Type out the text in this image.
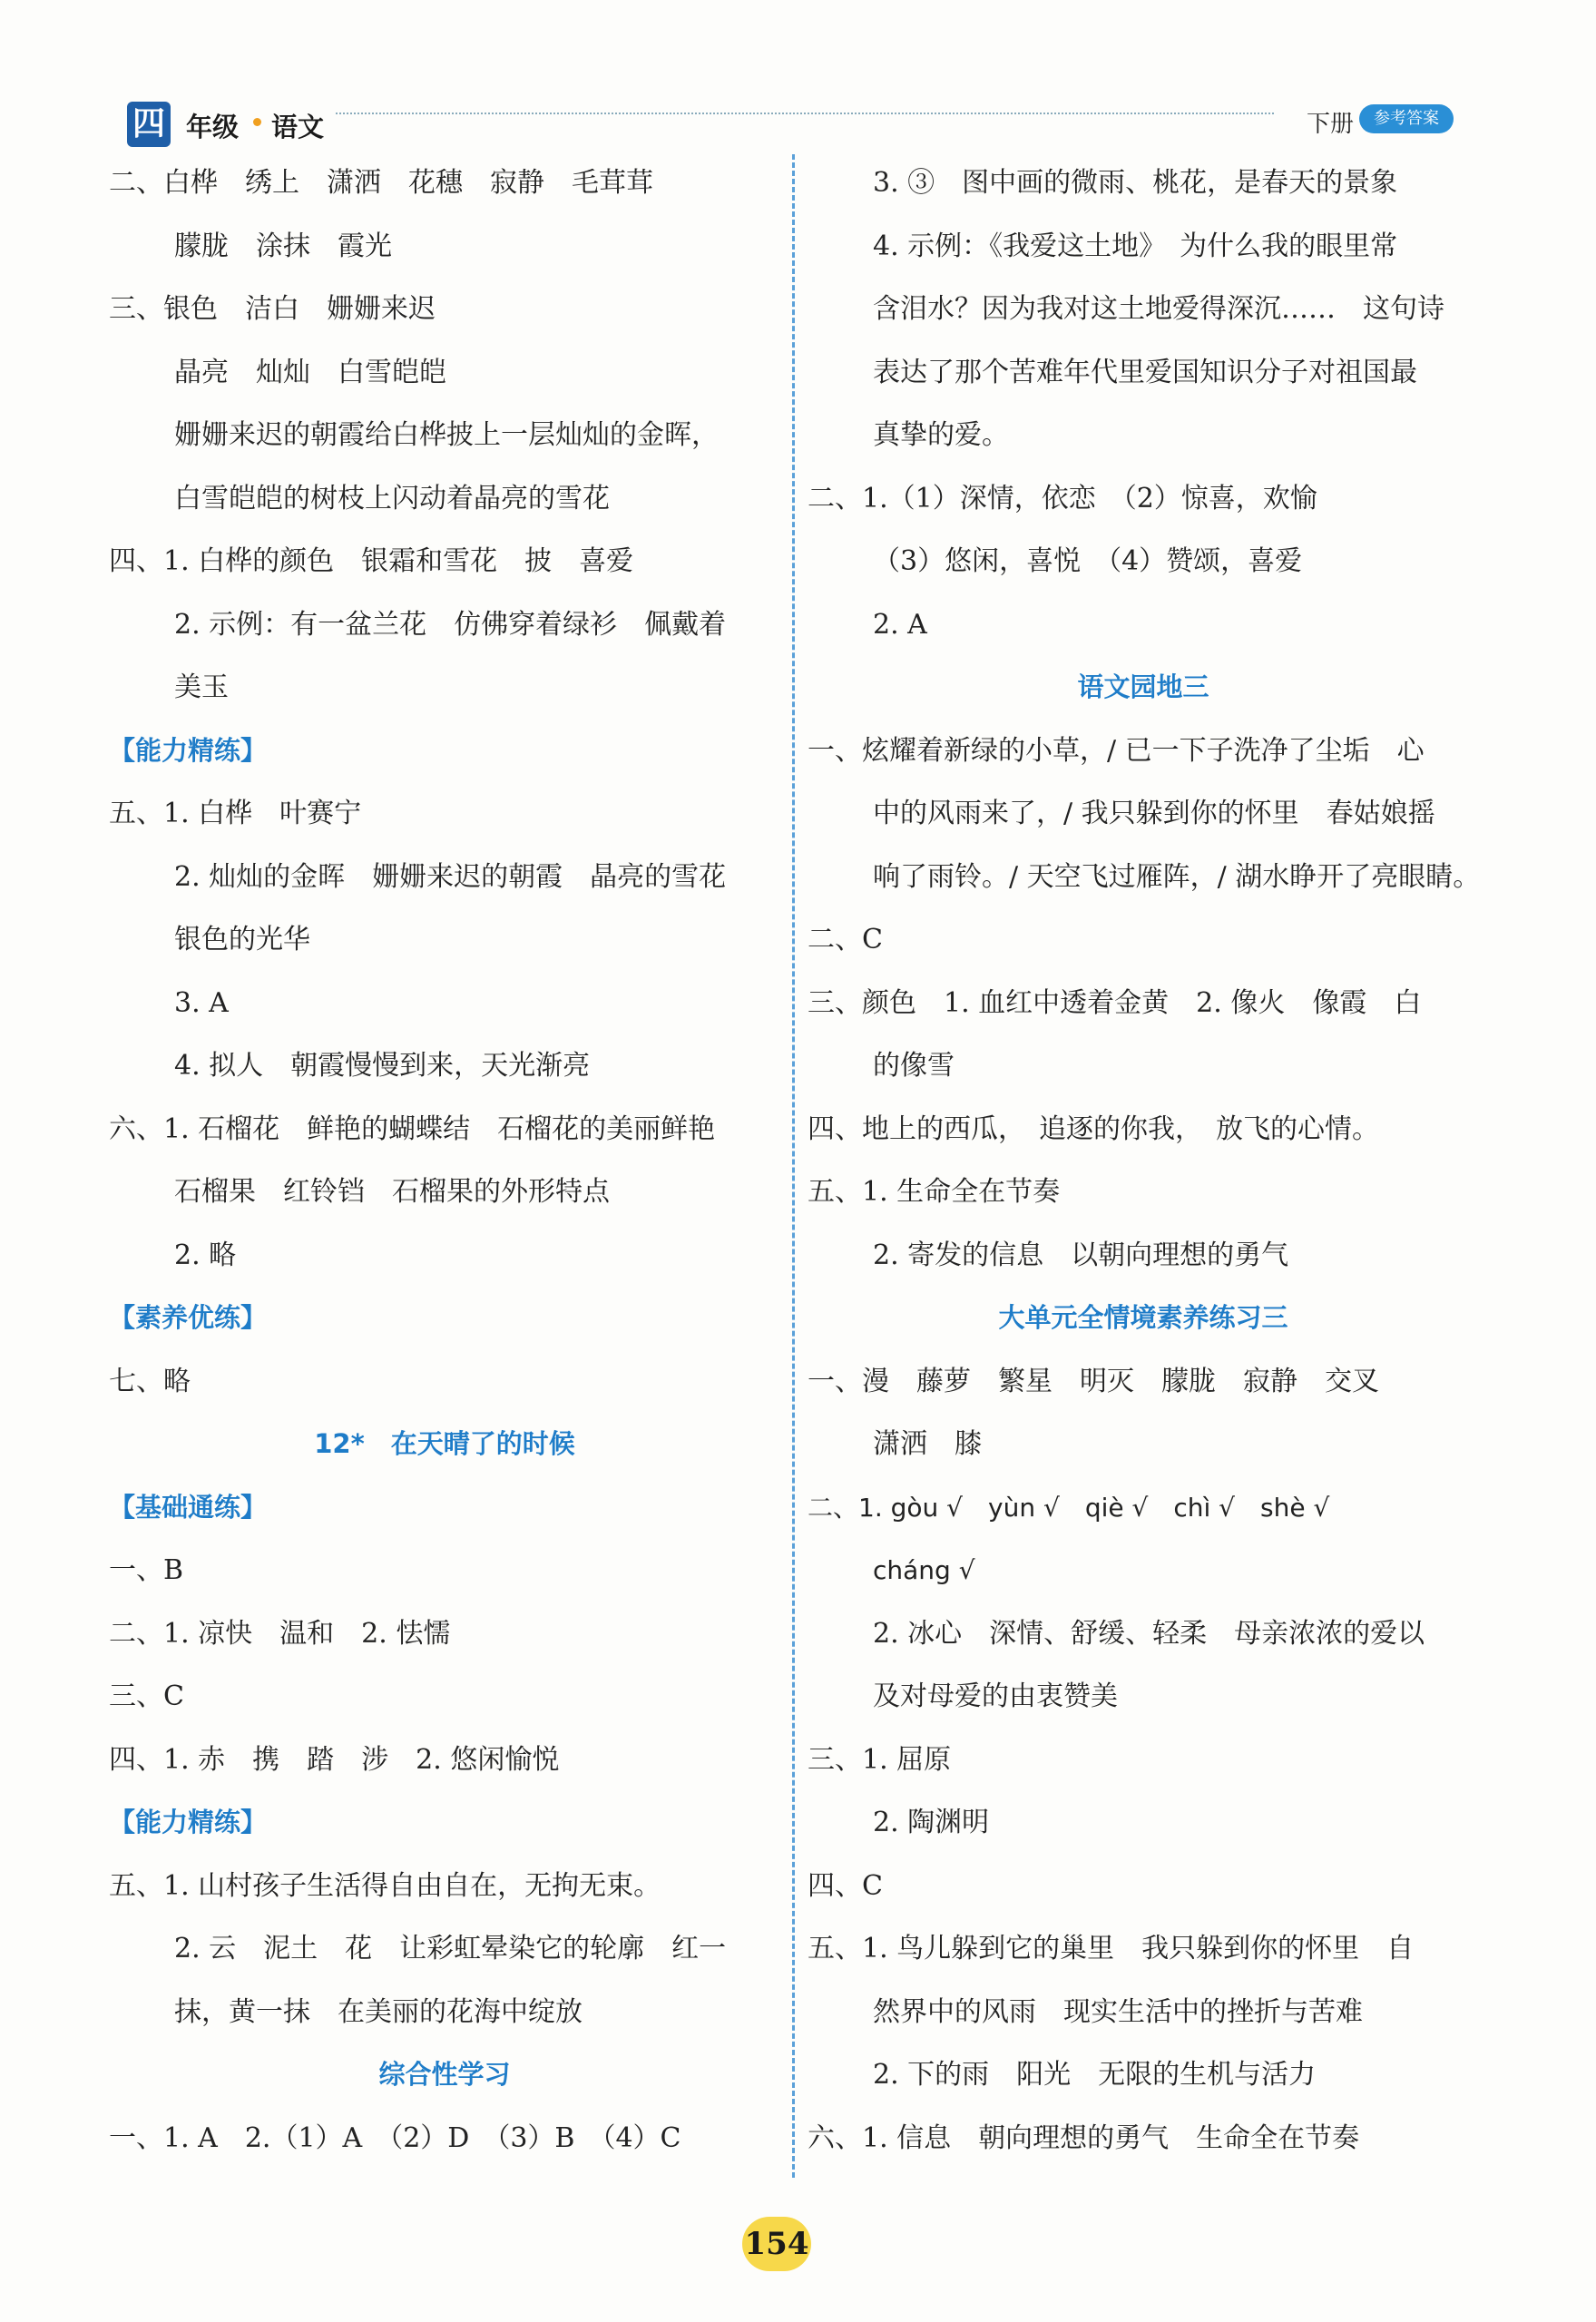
四 年级 语文	下册	参考答案
二、白桦　绣上　潇洒　花穗　寂静　毛茸茸
朦胧　涂抹　霞光
三、银色　洁白　姗姗来迟
晶亮　灿灿　白雪皑皑
姗姗来迟的朝霞给白桦披上一层灿灿的金晖，
白雪皑皑的树枝上闪动着晶亮的雪花
四、1. 白桦的颜色　银霜和雪花　披　喜爱
2. 示例：有一盆兰花　仿佛穿着绿衫　佩戴着
美玉
【能力精练】
五、1. 白桦　叶赛宁
2. 灿灿的金晖　姗姗来迟的朝霞　晶亮的雪花
银色的光华
3. A
4. 拟人　朝霞慢慢到来，天光渐亮
六、1. 石榴花　鲜艳的蝴蝶结　石榴花的美丽鲜艳
石榴果　红铃铛　石榴果的外形特点
2. 略
【素养优练】
七、略
12*　在天晴了的时候
【基础通练】
一、B
二、1. 凉快　温和　2. 怯懦
三、C
四、1. 赤　携　踏　涉　2. 悠闲愉悦
【能力精练】
五、1. 山村孩子生活得自由自在，无拘无束。
2. 云　泥土　花　让彩虹晕染它的轮廓　红一
抹，黄一抹　在美丽的花海中绽放
综合性学习
一、1. A　2.（1）A　（2）D　（3）B　（4）C
3. ③　图中画的微雨、桃花，是春天的景象
4. 示例：《我爱这土地》　为什么我的眼里常
含泪水？因为我对这土地爱得深沉……　这句诗
表达了那个苦难年代里爱国知识分子对祖国最
真挚的爱。
二、1.（1）深情，依恋　（2）惊喜，欢愉
（3）悠闲，喜悦　（4）赞颂，喜爱
2. A
语文园地三
一、炫耀着新绿的小草，/ 已一下子洗净了尘垢　心
中的风雨来了，/ 我只躲到你的怀里　春姑娘摇
响了雨铃。/ 天空飞过雁阵，/ 湖水睁开了亮眼睛。
二、C
三、颜色　1. 血红中透着金黄　2. 像火　像霞　白
的像雪
四、地上的西瓜，　追逐的你我，　放飞的心情。
五、1. 生命全在节奏
2. 寄发的信息　以朝向理想的勇气
大单元全情境素养练习三
一、漫　藤萝　繁星　明灭　朦胧　寂静　交叉
潇洒　膝
二、1. gòu √　yùn √　qiè √　chì √　shè √
cháng √
2. 冰心　深情、舒缓、轻柔　母亲浓浓的爱以
及对母爱的由衷赞美
三、1. 屈原
2. 陶渊明
四、C
五、1. 鸟儿躲到它的巢里　我只躲到你的怀里　自
然界中的风雨　现实生活中的挫折与苦难
2. 下的雨　阳光　无限的生机与活力
六、1. 信息　朝向理想的勇气　生命全在节奏
154
